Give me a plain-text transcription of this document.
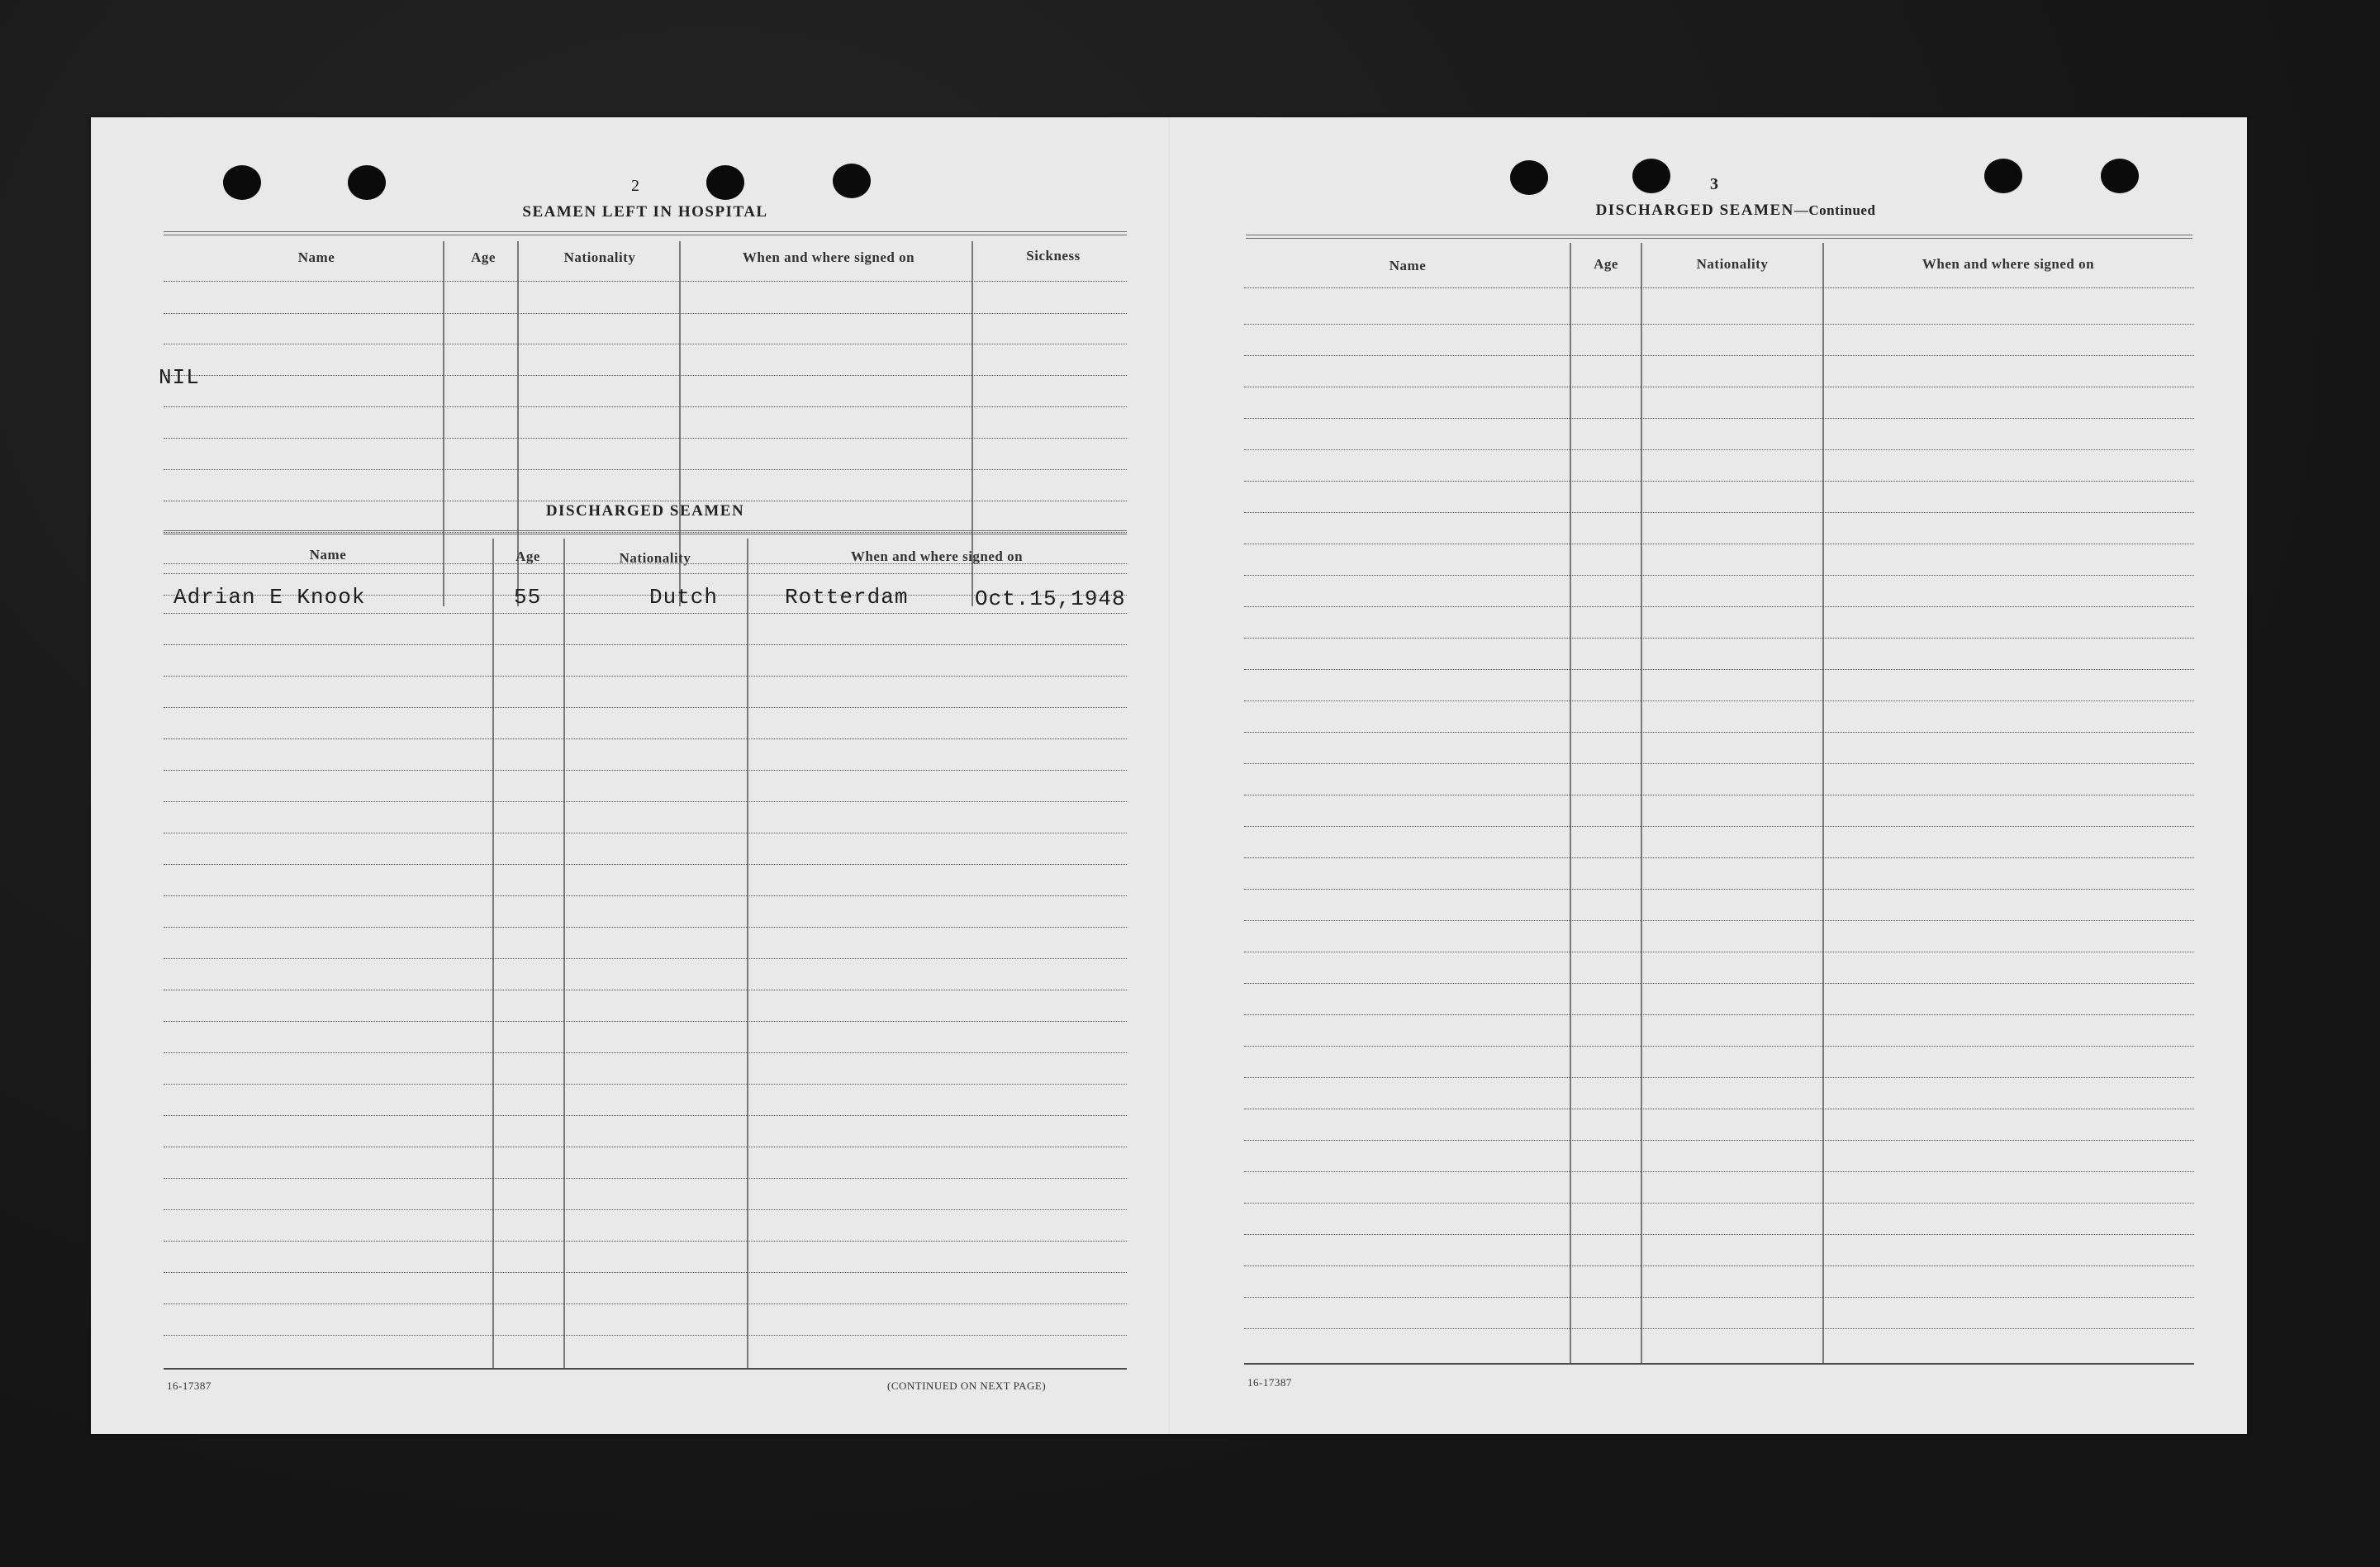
2
SEAMEN LEFT IN HOSPITAL
Name	Age	Nationality	When and where signed on	Sickness
NIL
DISCHARGED SEAMEN
Name	Age	Nationality	When and where signed on
Adrian E Knook	55	Dutch	Rotterdam	Oct.15,1948
16-17387	(CONTINUED ON NEXT PAGE)
3
DISCHARGED SEAMEN—Continued
Name	Age	Nationality	When and where signed on
16-17387
